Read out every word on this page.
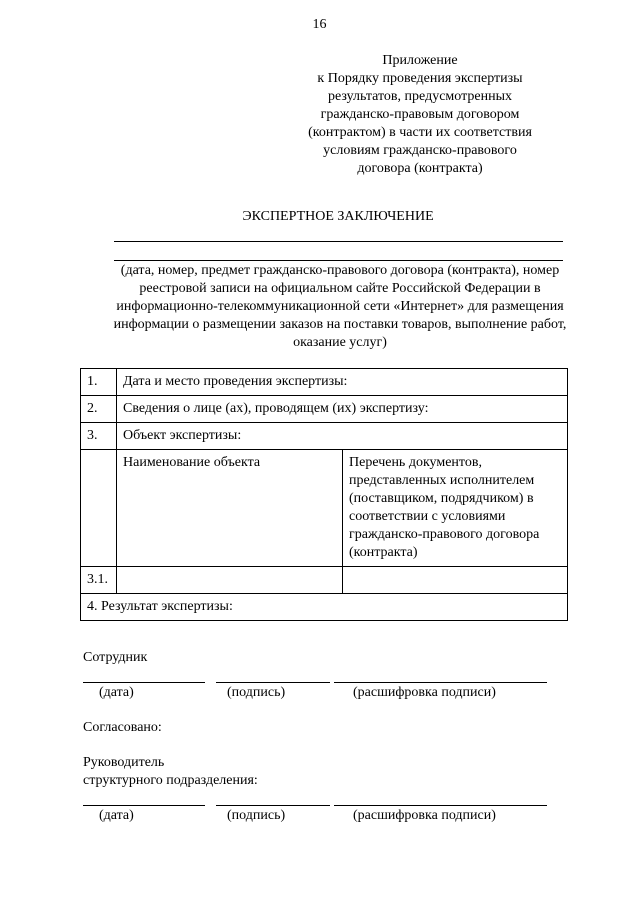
16
Приложение
к Порядку проведения экспертизы
результатов, предусмотренных
гражданско-правовым договором
(контрактом) в части их соответствия
условиям гражданско-правового
договора (контракта)
ЭКСПЕРТНОЕ ЗАКЛЮЧЕНИЕ
(дата, номер, предмет гражданско-правового договора (контракта), номер
реестровой записи на официальном сайте Российской Федерации в
информационно-телекоммуникационной сети «Интернет» для размещения
информации о размещении заказов на поставки товаров, выполнение работ,
оказание услуг)
1.	Дата и место проведения экспертизы:	
2.	Сведения о лице (ах), проводящем (их) экспертизу:	
3.	Объект экспертизы:	
	Наименование объекта	Перечень документов, представленных исполнителем (поставщиком, подрядчиком) в соответствии с условиями гражданско-правового договора (контракта)
3.1.		
4. Результат экспертизы:		
Сотрудник
(дата)	(подпись)	(расшифровка подписи)
Согласовано:
Руководитель
структурного подразделения:
(дата)	(подпись)	(расшифровка подписи)
